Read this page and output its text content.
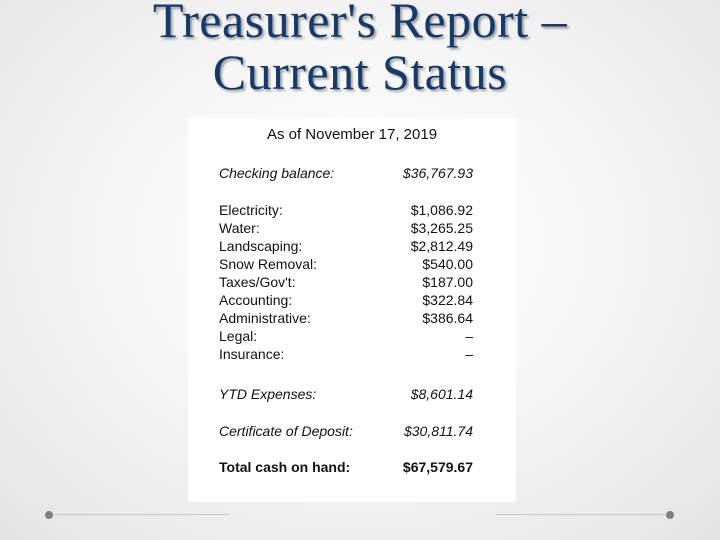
Treasurer's Report –
Current Status
As of November 17, 2019
Checking balance:	$36,767.93
Electricity:	$1,086.92
Water:	$3,265.25
Landscaping:	$2,812.49
Snow Removal:	$540.00
Taxes/Gov't:	$187.00
Accounting:	$322.84
Administrative:	$386.64
Legal:	–
Insurance:	–
YTD Expenses:	$8,601.14
Certificate of Deposit:	$30,811.74
Total cash on hand:	$67,579.67
